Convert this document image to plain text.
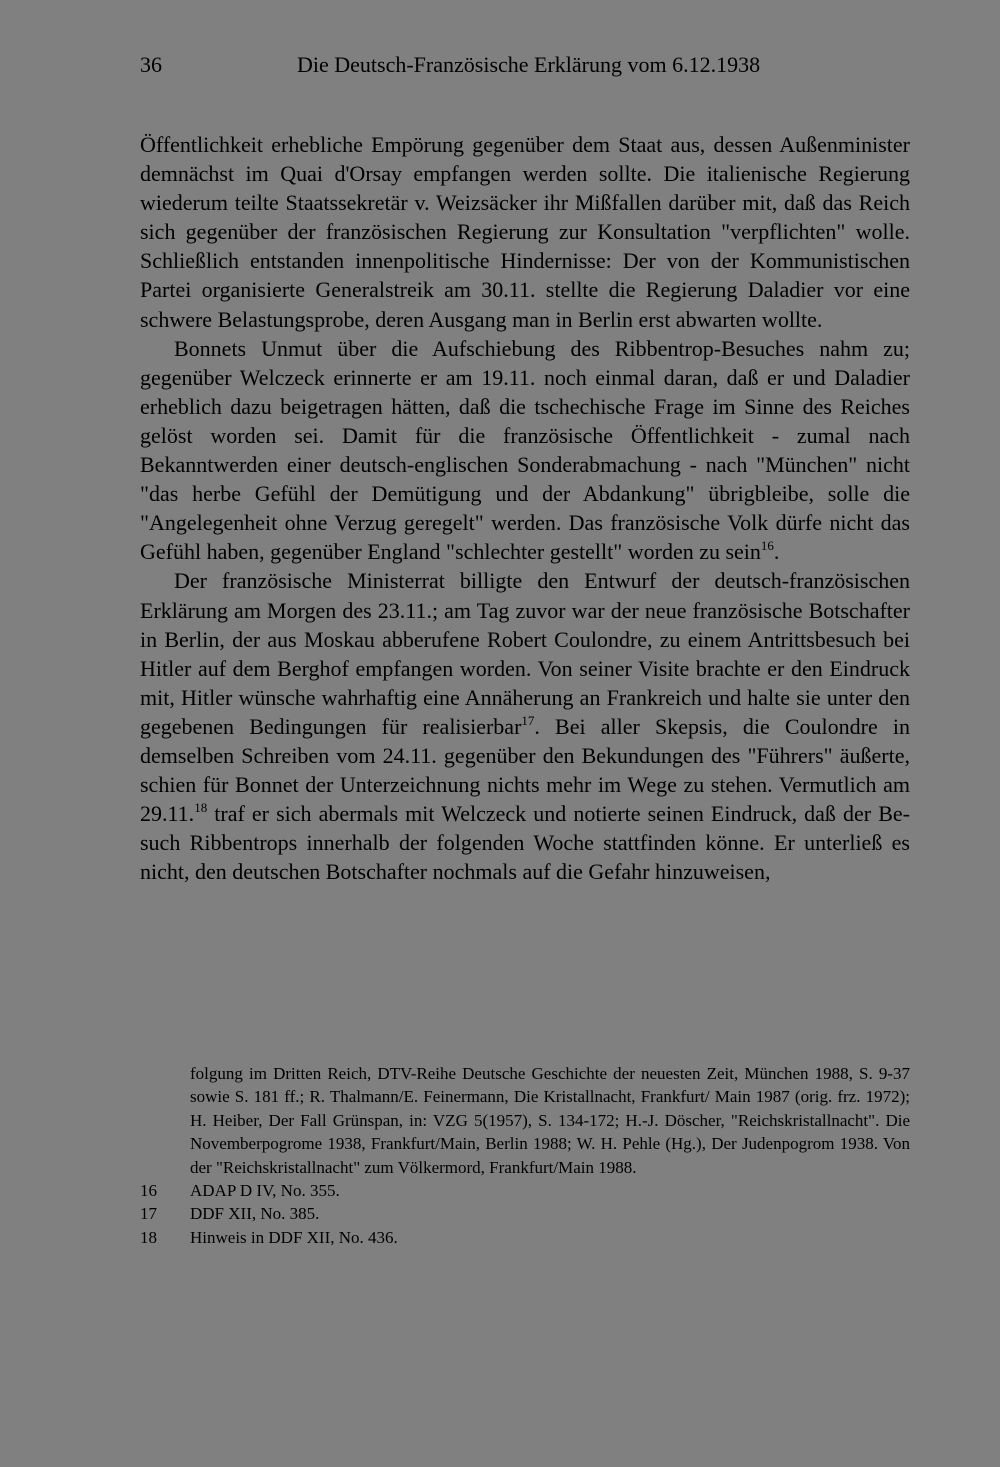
36	Die Deutsch-Französische Erklärung vom 6.12.1938

Öffentlichkeit erhebliche Empörung gegenüber dem Staat aus, dessen Außenminister demnächst im Quai d'Orsay empfangen werden sollte. Die italienische Regierung wiederum teilte Staatssekretär v. Weizsäcker ihr Mißfallen darüber mit, daß das Reich sich gegenüber der französischen Regierung zur Konsultation "verpflichten" wolle. Schließlich entstanden innenpolitische Hindernisse: Der von der Kommunistischen Partei organisierte Generalstreik am 30.11. stellte die Regierung Daladier vor eine schwere Belastungsprobe, deren Ausgang man in Berlin erst abwarten wollte.

Bonnets Unmut über die Aufschiebung des Ribbentrop-Besuches nahm zu; gegenüber Welczeck erinnerte er am 19.11. noch einmal daran, daß er und Daladier erheblich dazu beigetragen hätten, daß die tschechische Frage im Sinne des Reiches gelöst worden sei. Damit für die französische Öffentlichkeit - zumal nach Bekanntwerden einer deutsch-englischen Sonderabmachung - nach "München" nicht "das herbe Gefühl der Demütigung und der Abdankung" übrigbleibe, solle die "Angelegenheit ohne Verzug geregelt" werden. Das französische Volk dürfe nicht das Gefühl haben, gegenüber England "schlechter gestellt" worden zu sein$^{16}$.

Der französische Ministerrat billigte den Entwurf der deutsch-französischen Erklärung am Morgen des 23.11.; am Tag zuvor war der neue französische Botschafter in Berlin, der aus Moskau abberufene Robert Coulondre, zu einem Antrittsbesuch bei Hitler auf dem Berghof empfangen worden. Von seiner Visite brachte er den Eindruck mit, Hitler wünsche wahrhaftig eine Annäherung an Frankreich und halte sie unter den gegebenen Bedingungen für realisierbar$^{17}$. Bei aller Skepsis, die Coulondre in demselben Schreiben vom 24.11. gegenüber den Bekundungen des "Führers" äußerte, schien für Bonnet der Unterzeichnung nichts mehr im Wege zu stehen. Vermutlich am 29.11.18 traf er sich abermals mit Welczeck und notierte seinen Eindruck, daß der Besuch Ribbentrops innerhalb der folgenden Woche stattfinden könne. Er unterließ es nicht, den deutschen Botschafter nochmals auf die Gefahr hinzuweisen,

folgung im Dritten Reich, DTV-Reihe Deutsche Geschichte der neuesten Zeit, München 1988, S. 9-37 sowie S. 181 ff.; R. Thalmann/E. Feinermann, Die Kristallnacht, Frankfurt/ Main 1987 (orig. frz. 1972); H. Heiber, Der Fall Grünspan, in: VZG 5(1957), S. 134-172; H.-J. Döscher, "Reichskristallnacht". Die Novemberpogrome 1938, Frankfurt/Main, Berlin 1988; W. H. Pehle (Hg.), Der Judenpogrom 1938. Von der "Reichskristallnacht" zum Völkermord, Frankfurt/Main 1988.

16 ADAP D IV, No. 355.

17 DDF XII, No. 385.

18 Hinweis in DDF XII, No. 436.
